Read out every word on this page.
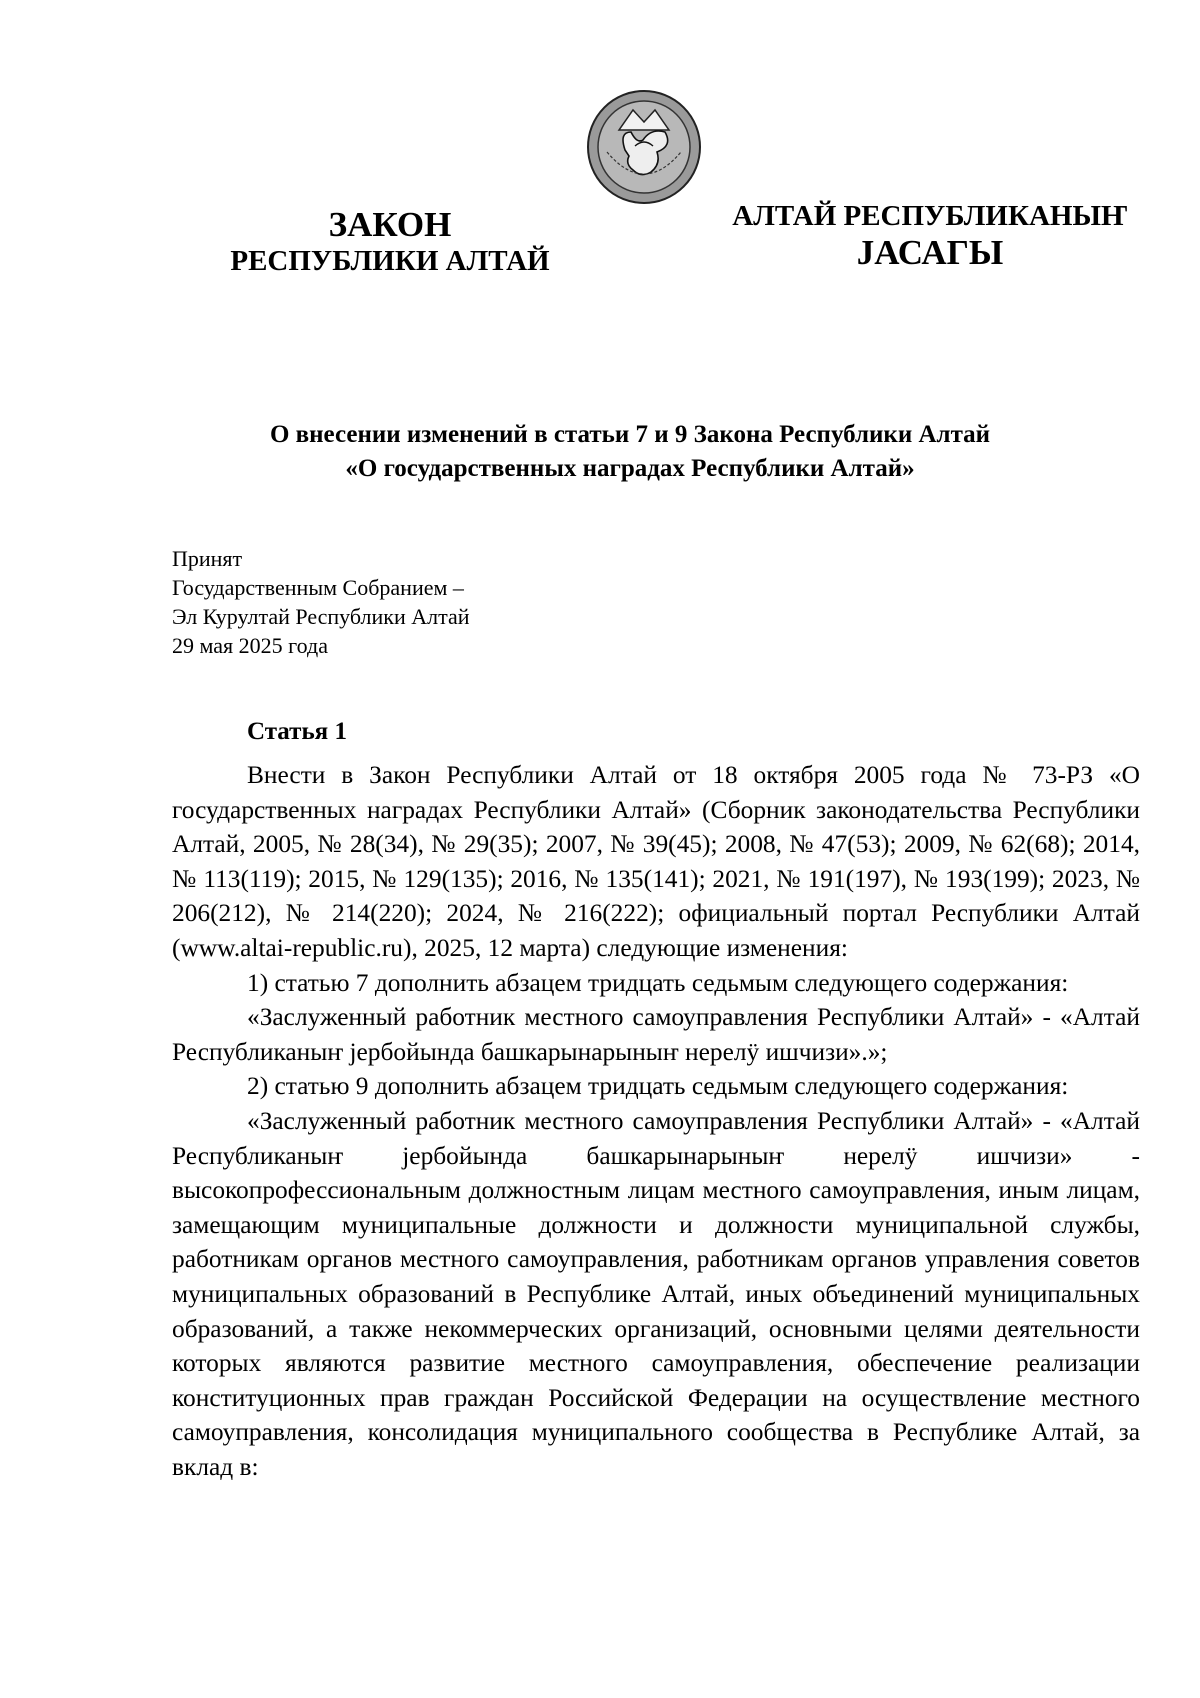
ЗАКОН
РЕСПУБЛИКИ АЛТАЙ
АЛТАЙ РЕСПУБЛИКАНЫҤ
JАСАГЫ
О внесении изменений в статьи 7 и 9 Закона Республики Алтай
«О государственных наградах Республики Алтай»
Принят
Государственным Собранием –
Эл Курултай Республики Алтай
29 мая 2025 года
Статья 1

Внести в Закон Республики Алтай от 18 октября 2005 года № 73-РЗ «О государственных наградах Республики Алтай» (Сборник законодательства Республики Алтай, 2005, № 28(34), № 29(35); 2007, № 39(45); 2008, № 47(53); 2009, № 62(68); 2014, № 113(119); 2015, № 129(135); 2016, № 135(141); 2021, № 191(197), № 193(199); 2023, № 206(212), № 214(220); 2024, № 216(222); официальный портал Республики Алтай (www.altai-republic.ru), 2025, 12 марта) следующие изменения:

1) статью 7 дополнить абзацем тридцать седьмым следующего содержания:

«Заслуженный работник местного самоуправления Республики Алтай» - «Алтай Республиканыҥ јербойында башкарынарыныҥ нерелӱ ишчизи».»;

2) статью 9 дополнить абзацем тридцать седьмым следующего содержания:

«Заслуженный работник местного самоуправления Республики Алтай» - «Алтай Республиканыҥ јербойында башкарынарыныҥ нерелӱ ишчизи» - высокопрофессиональным должностным лицам местного самоуправления, иным лицам, замещающим муниципальные должности и должности муниципальной службы, работникам органов местного самоуправления, работникам органов управления советов муниципальных образований в Республике Алтай, иных объединений муниципальных образований, а также некоммерческих организаций, основными целями деятельности которых являются развитие местного самоуправления, обеспечение реализации конституционных прав граждан Российской Федерации на осуществление местного самоуправления, консолидация муниципального сообщества в Республике Алтай, за вклад в:
